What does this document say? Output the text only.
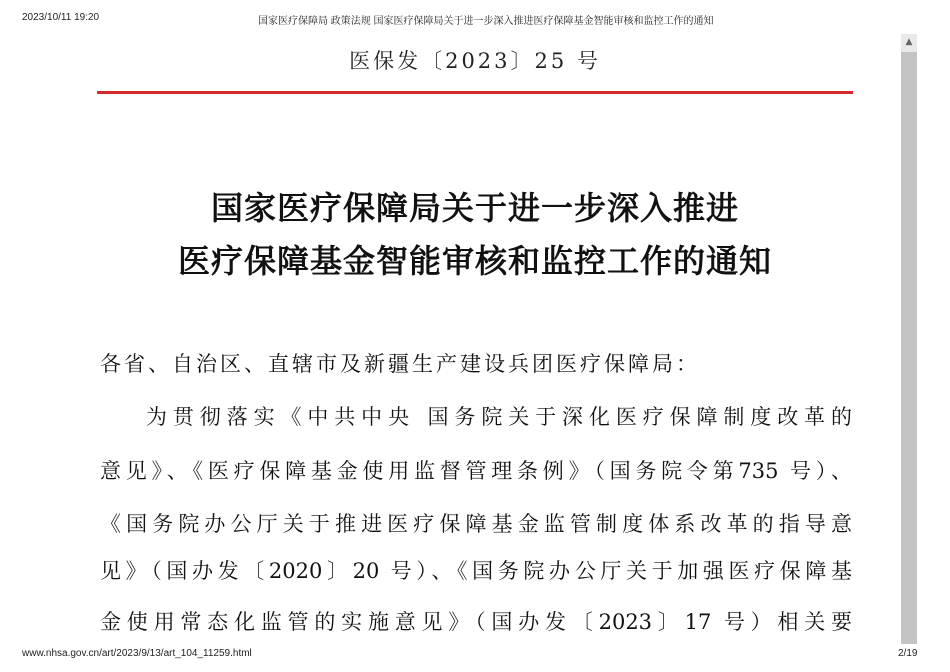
2023/10/11 19:20	国家医疗保障局 政策法规 国家医疗保障局关于进一步深入推进医疗保障基金智能审核和监控工作的通知
医保发〔2023〕25 号
国家医疗保障局关于进一步深入推进
医疗保障基金智能审核和监控工作的通知
各省、自治区、直辖市及新疆生产建设兵团医疗保障局：
为贯彻落实《中共中央 国务院关于深化医疗保障制度改革的
意见》、《医疗保障基金使用监督管理条例》（国务院令第735 号）、
《国务院办公厅关于推进医疗保障基金监管制度体系改革的指导意
见》（国办发〔2020〕20 号）、《国务院办公厅关于加强医疗保障基
金使用常态化监管的实施意见》（国办发〔2023〕17 号）相关要
www.nhsa.gov.cn/art/2023/9/13/art_104_11259.html	2/19
▲
